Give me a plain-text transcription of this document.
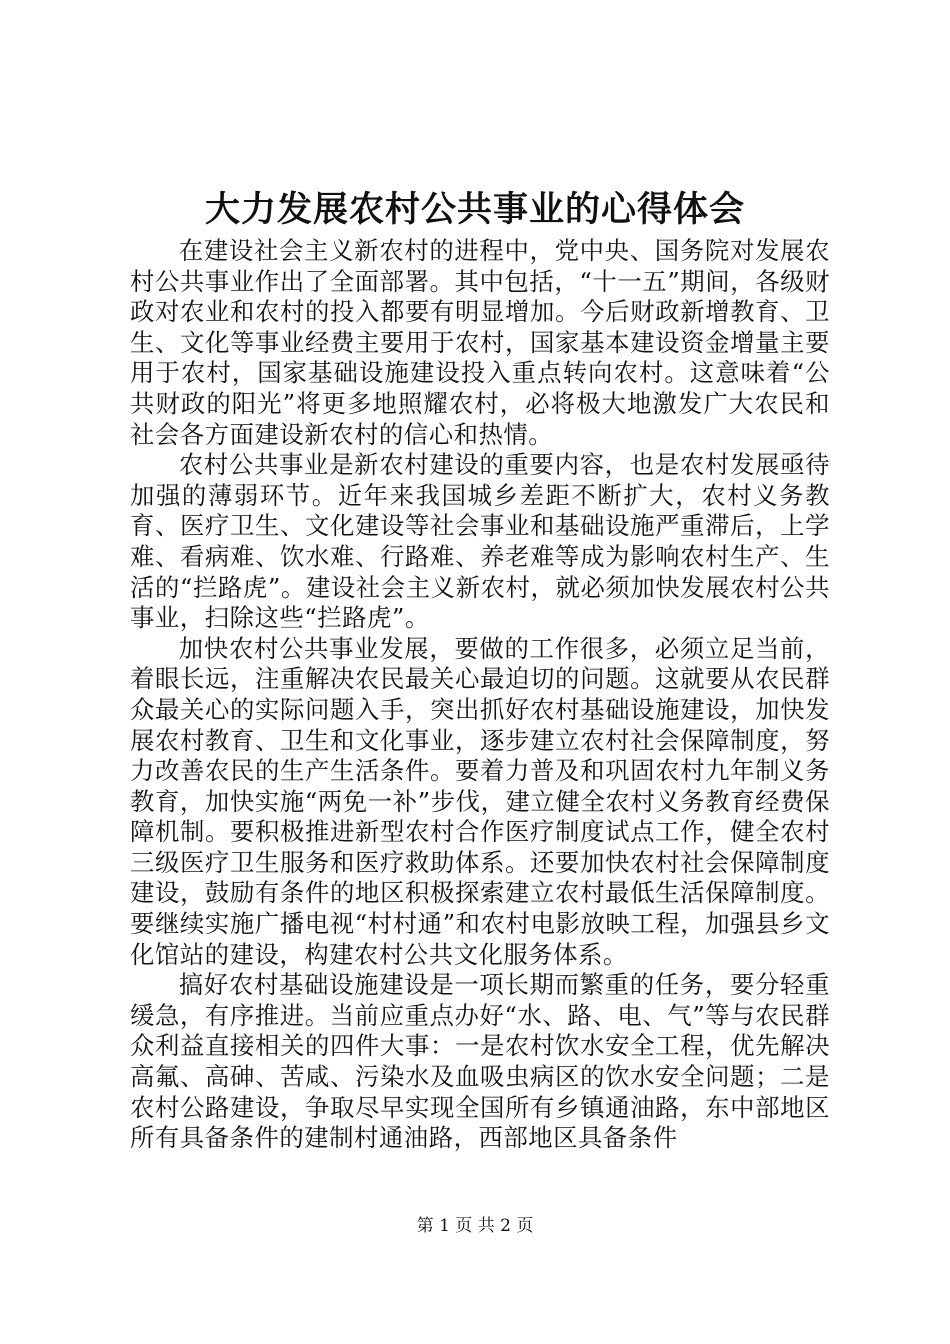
大力发展农村公共事业的心得体会

在建设社会主义新农村的进程中，党中央、国务院对发展农村公共事业作出了全面部署。其中包括，“十一五”期间，各级财政对农业和农村的投入都要有明显增加。今后财政新增教育、卫生、文化等事业经费主要用于农村，国家基本建设资金增量主要用于农村，国家基础设施建设投入重点转向农村。这意味着“公共财政的阳光”将更多地照耀农村，必将极大地激发广大农民和社会各方面建设新农村的信心和热情。

农村公共事业是新农村建设的重要内容，也是农村发展亟待加强的薄弱环节。近年来我国城乡差距不断扩大，农村义务教育、医疗卫生、文化建设等社会事业和基础设施严重滞后，上学难、看病难、饮水难、行路难、养老难等成为影响农村生产、生活的“拦路虎”。建设社会主义新农村，就必须加快发展农村公共事业，扫除这些“拦路虎”。

加快农村公共事业发展，要做的工作很多，必须立足当前，着眼长远，注重解决农民最关心最迫切的问题。这就要从农民群众最关心的实际问题入手，突出抓好农村基础设施建设，加快发展农村教育、卫生和文化事业，逐步建立农村社会保障制度，努力改善农民的生产生活条件。要着力普及和巩固农村九年制义务教育，加快实施“两免一补”步伐，建立健全农村义务教育经费保障机制。要积极推进新型农村合作医疗制度试点工作，健全农村三级医疗卫生服务和医疗救助体系。还要加快农村社会保障制度建设，鼓励有条件的地区积极探索建立农村最低生活保障制度。要继续实施广播电视“村村通”和农村电影放映工程，加强县乡文化馆站的建设，构建农村公共文化服务体系。

搞好农村基础设施建设是一项长期而繁重的任务，要分轻重缓急，有序推进。当前应重点办好“水、路、电、气”等与农民群众利益直接相关的四件大事：一是农村饮水安全工程，优先解决高氟、高砷、苦咸、污染水及血吸虫病区的饮水安全问题；二是农村公路建设，争取尽早实现全国所有乡镇通油路，东中部地区所有具备条件的建制村通油路，西部地区具备条件

第 1 页 共 2 页
